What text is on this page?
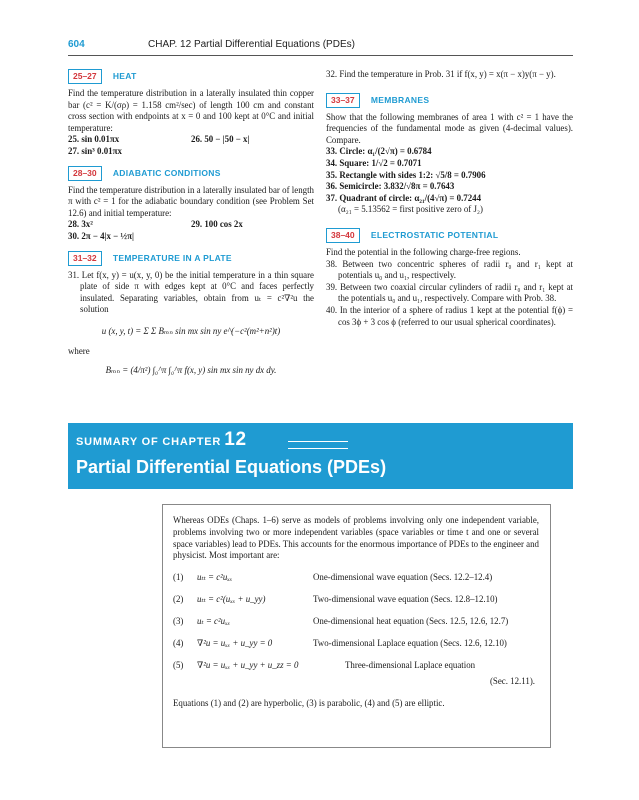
604	CHAP. 12 Partial Differential Equations (PDEs)
25–27 HEAT
Find the temperature distribution in a laterally insulated thin copper bar (c² = K/(σρ) = 1.158 cm²/sec) of length 100 cm and constant cross section with endpoints at x = 0 and 100 kept at 0°C and initial temperature:
25. sin 0.01πx	26. 50 − |50 − x|
27. sin³ 0.01πx
28–30 ADIABATIC CONDITIONS
Find the temperature distribution in a laterally insulated bar of length π with c² = 1 for the adiabatic boundary condition (see Problem Set 12.6) and initial temperature:
28. 3x²	29. 100 cos 2x
30. 2π − 4|x − ½π|
31–32 TEMPERATURE IN A PLATE
31. Let f(x, y) = u(x, y, 0) be the initial temperature in a thin square plate of side π with edges kept at 0°C and faces perfectly insulated. Separating variables, obtain from uₜ = c²∇²u the solution
u (x, y, t) = Σ Σ Bₘₙ sin mx sin ny e^(−c²(m²+n²)t)
where
Bₘₙ = (4/π²) ∫₀^π ∫₀^π f(x, y) sin mx sin ny dx dy.
32. Find the temperature in Prob. 31 if f(x, y) = x(π − x)y(π − y).
33–37 MEMBRANES
Show that the following membranes of area 1 with c² = 1 have the frequencies of the fundamental mode as given (4-decimal values). Compare.
33. Circle: α₁/(2√π) = 0.6784
34. Square: 1/√2 = 0.7071
35. Rectangle with sides 1:2: √5/8 = 0.7906
36. Semicircle: 3.832/√8π = 0.7643
37. Quadrant of circle: α₂₁/(4√π) = 0.7244
(α₂₁ = 5.13562 = first positive zero of J₂)
38–40 ELECTROSTATIC POTENTIAL
Find the potential in the following charge-free regions.
38. Between two concentric spheres of radii r₀ and r₁ kept at potentials u₀ and u₁, respectively.
39. Between two coaxial circular cylinders of radii r₀ and r₁ kept at the potentials u₀ and u₁, respectively. Compare with Prob. 38.
40. In the interior of a sphere of radius 1 kept at the potential f(ϕ) = cos 3ϕ + 3 cos ϕ (referred to our usual spherical coordinates).
SUMMARY OF CHAPTER 12
Partial Differential Equations (PDEs)
Whereas ODEs (Chaps. 1–6) serve as models of problems involving only one independent variable, problems involving two or more independent variables (space variables or time t and one or several space variables) lead to PDEs. This accounts for the enormous importance of PDEs to the engineer and physicist. Most important are:
(1) uₜₜ = c²uₓₓ	One-dimensional wave equation (Secs. 12.2–12.4)
(2) uₜₜ = c²(uₓₓ + u_yy)	Two-dimensional wave equation (Secs. 12.8–12.10)
(3) uₜ = c²uₓₓ	One-dimensional heat equation (Secs. 12.5, 12.6, 12.7)
(4) ∇²u = uₓₓ + u_yy = 0	Two-dimensional Laplace equation (Secs. 12.6, 12.10)
(5) ∇²u = uₓₓ + u_yy + u_zz = 0	Three-dimensional Laplace equation
(Sec. 12.11).
Equations (1) and (2) are hyperbolic, (3) is parabolic, (4) and (5) are elliptic.
